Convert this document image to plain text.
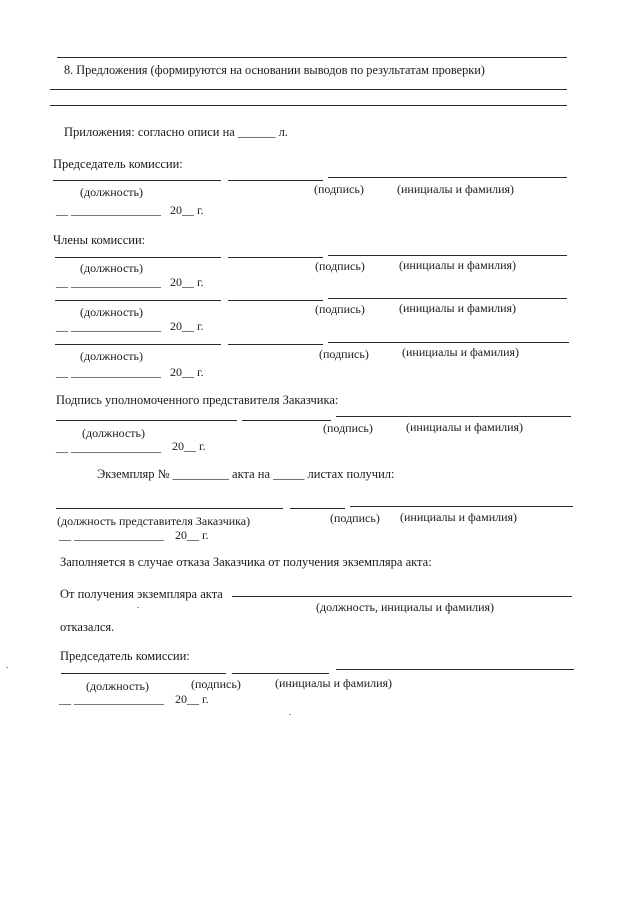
8. Предложения (формируются на основании выводов по результатам проверки)
Приложения: согласно описи на ______ л.
Председатель комиссии:
(должность)	(подпись)	(инициалы и фамилия)
__ _______________ 20__ г.
Члены комиссии:
(должность)	(подпись)	(инициалы и фамилия)
__ _______________ 20__ г.
(должность)	(подпись)	(инициалы и фамилия)
__ _______________ 20__ г.
(должность)	(подпись)	(инициалы и фамилия)
__ _______________ 20__ г.
Подпись уполномоченного представителя Заказчика:
(должность)	(подпись)	(инициалы и фамилия)
__ _______________ 20__ г.
Экземпляр № _________ акта на _____ листах получил:
(должность представителя Заказчика)	(подпись) (инициалы и фамилия)
__ _______________ 20__ г.
Заполняется в случае отказа Заказчика от получения экземпляра акта:
От получения экземпляра акта
(должность, инициалы и фамилия)
отказался.
Председатель комиссии:
(должность)	(подпись)	(инициалы и фамилия)
__ _______________ 20__ г.
